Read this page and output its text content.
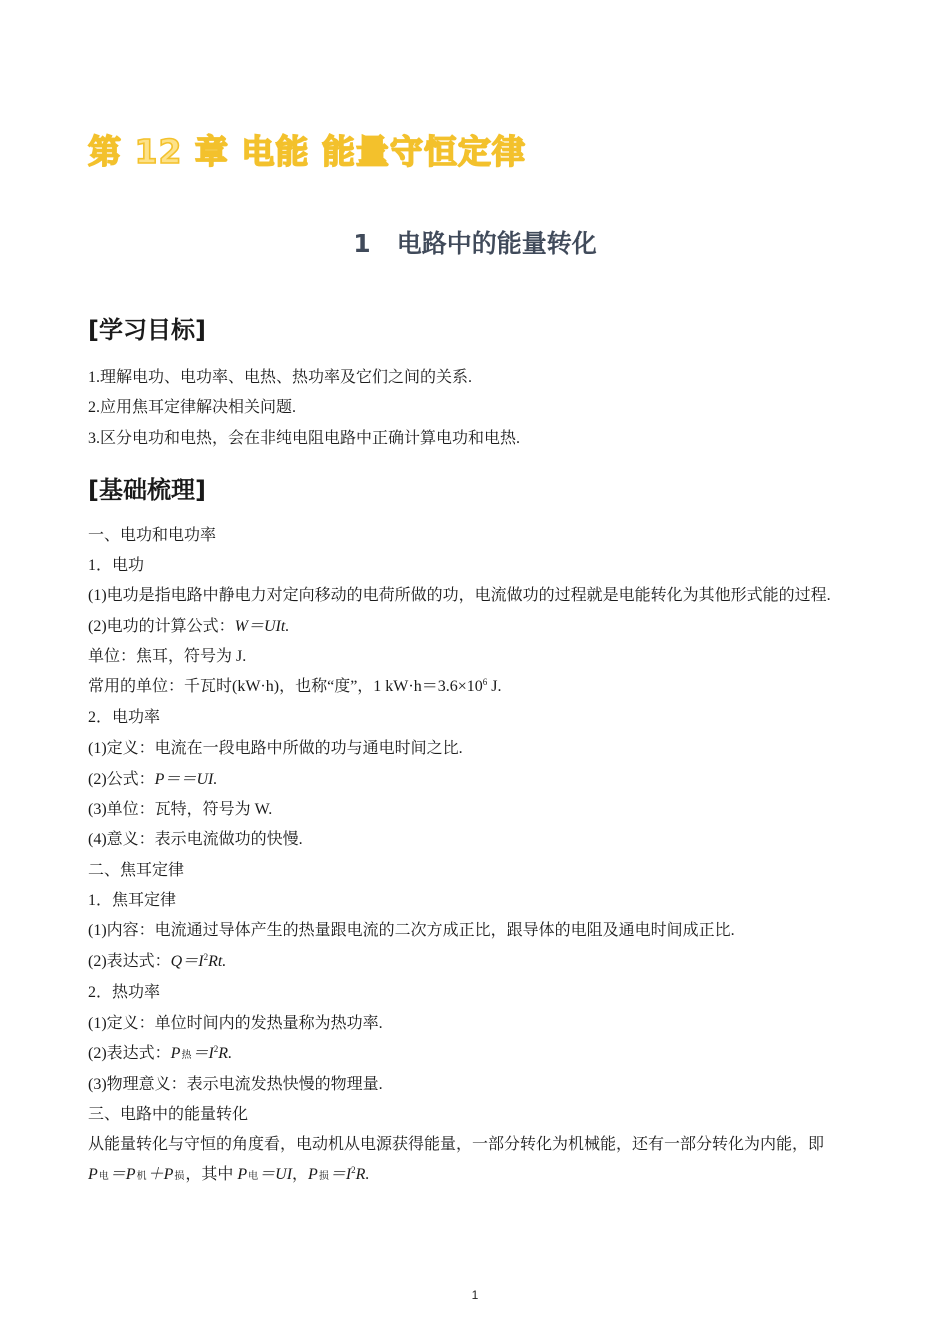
第 12 章 电能 能量守恒定律
1 电路中的能量转化
[学习目标]
1.理解电功、电功率、电热、热功率及它们之间的关系.
2.应用焦耳定律解决相关问题.
3.区分电功和电热，会在非纯电阻电路中正确计算电功和电热.
[基础梳理]
一、电功和电功率
1．电功
(1)电功是指电路中静电力对定向移动的电荷所做的功，电流做功的过程就是电能转化为其他形式能的过程.
(2)电功的计算公式：W＝UIt.
单位：焦耳，符号为 J.
常用的单位：千瓦时(kW·h)，也称“度”，1 $kW\cdot h=3.6\times 10^6$ J.
2．电功率
(1)定义：电流在一段电路中所做的功与通电时间之比.
(2)公式：P＝＝UI.
(3)单位：瓦特，符号为 W.
(4)意义：表示电流做功的快慢.
二、焦耳定律
1．焦耳定律
(1)内容：电流通过导体产生的热量跟电流的二次方成正比，跟导体的电阻及通电时间成正比.
(2)表达式：$Q=I^2Rt$.
2．热功率
(1)定义：单位时间内的发热量称为热功率.
(2)表达式：P热$=I^2R$.
(3)物理意义：表示电流发热快慢的物理量.
三、电路中的能量转化
从能量转化与守恒的角度看，电动机从电源获得能量，一部分转化为机械能，还有一部分转化为内能，即
P电＝P机＋P损，其中 P电＝UI，P损$=I^2R$.
1
